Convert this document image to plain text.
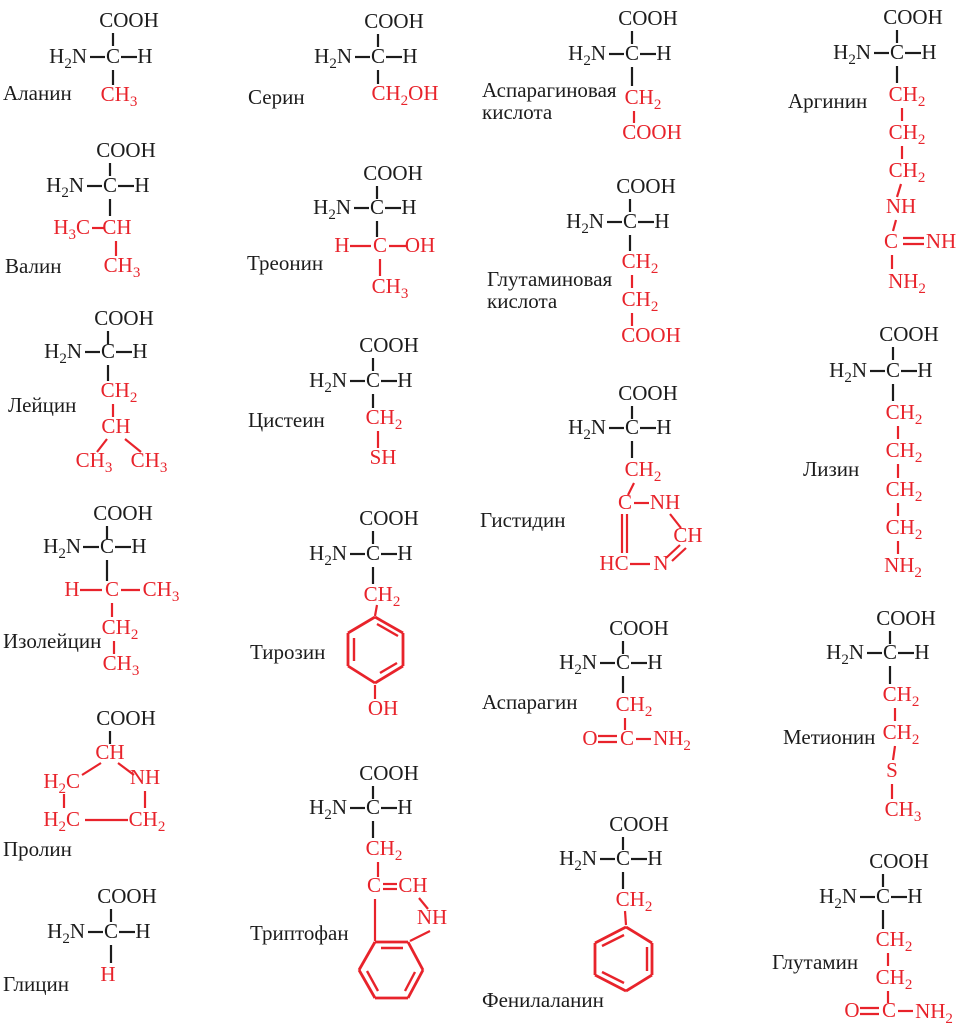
COOH
$H_2N$ C H
$CH_3$
Аланин
COOH
$H_2N$ C H
$H_3C$ CH
$CH_3$
Валин
COOH
$H_2N$ C H
$CH_2$
CH
$CH_3$ $CH_3$
Лейцин
COOH
$H_2N$ C H
H C $CH_3$
$CH_2$
$CH_3$
Изолейцин
COOH
CH
NH
$H_2C$
$H_2C$ $CH_2$
Пролин
COOH
$H_2N$ C H
H
Глицин
COOH
$H_2N$ C H
$CH_2OH$
Серин
COOH
$H_2N$ C H
H C OH
$CH_3$
Треонин
COOH
$H_2N$ C H
$CH_2$
SH
Цистеин
COOH
$H_2N$ C H
$CH_2$
OH
Тирозин
COOH
$H_2N$ C H
$CH_2$
C CH
NH
Триптофан
COOH
$H_2N$ C H
$CH_2$
COOH
Аспарагиновая
кислота
COOH
$H_2N$ C H
$CH_2$
$CH_2$
COOH
Глутаминовая
кислота
COOH
$H_2N$ C H
$CH_2$
C NH
CH
HC N
Гистидин
COOH
$H_2N$ C H
$CH_2$
O C $NH_2$
Аспарагин
COOH
$H_2N$ C H
$CH_2$
Фенилаланин
COOH
$H_2N$ C H
$CH_2$
$CH_2$
$CH_2$
NH
C NH
$NH_2$
Аргинин
COOH
$H_2N$ C H
$CH_2$
$CH_2$
$CH_2$
$CH_2$
$NH_2$
Лизин
COOH
$H_2N$ C H
$CH_2$
$CH_2$
S
$CH_3$
Метионин
COOH
$H_2N$ C H
$CH_2$
$CH_2$
O C $NH_2$
Глутамин
